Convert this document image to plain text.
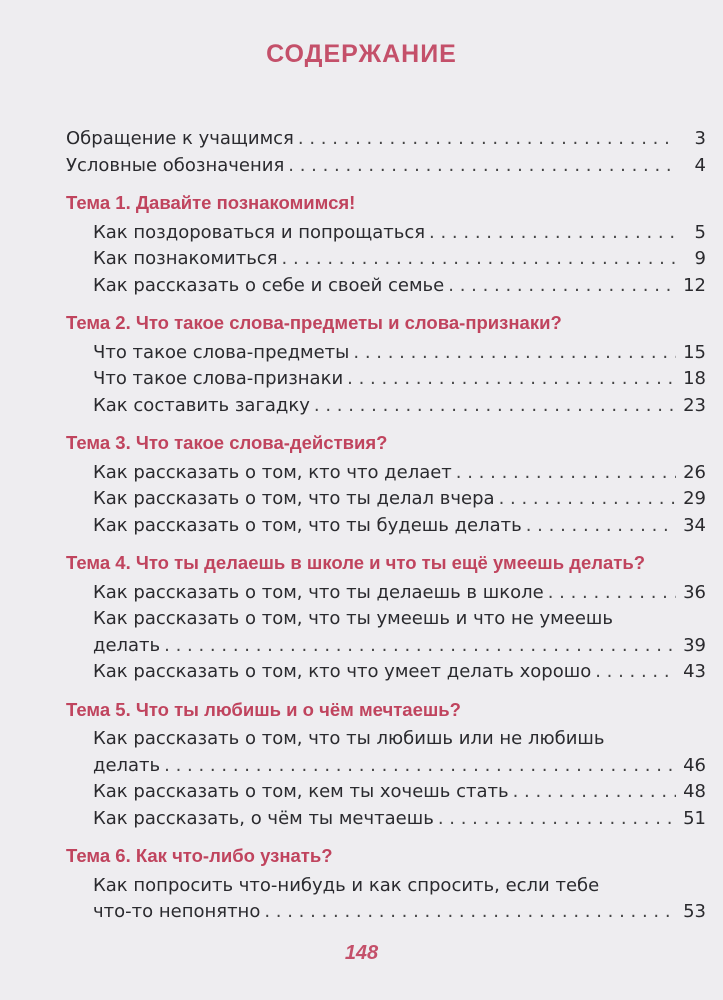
СОДЕРЖАНИЕ
Обращение к учащимся . . .	3
Условные обозначения . . .	4
Тема 1. Давайте познакомимся!
Как поздороваться и попрощаться . . .	5
Как познакомиться . . .	9
Как рассказать о себе и своей семье . . .	12
Тема 2. Что такое слова-предметы и слова-признаки?
Что такое слова-предметы . . .	15
Что такое слова-признаки . . .	18
Как составить загадку . . .	23
Тема 3. Что такое слова-действия?
Как рассказать о том, кто что делает . . .	26
Как рассказать о том, что ты делал вчера . . .	29
Как рассказать о том, что ты будешь делать . . .	34
Тема 4. Что ты делаешь в школе и что ты ещё умеешь делать?
Как рассказать о том, что ты делаешь в школе . . .	36
Как рассказать о том, что ты умеешь и что не умеешь
делать . . .	39
Как рассказать о том, кто что умеет делать хорошо . . .	43
Тема 5. Что ты любишь и о чём мечтаешь?
Как рассказать о том, что ты любишь или не любишь
делать . . .	46
Как рассказать о том, кем ты хочешь стать . . .	48
Как рассказать, о чём ты мечтаешь . . .	51
Тема 6. Как что-либо узнать?
Как попросить что-нибудь и как спросить, если тебе
что-то непонятно . . .	53
148
